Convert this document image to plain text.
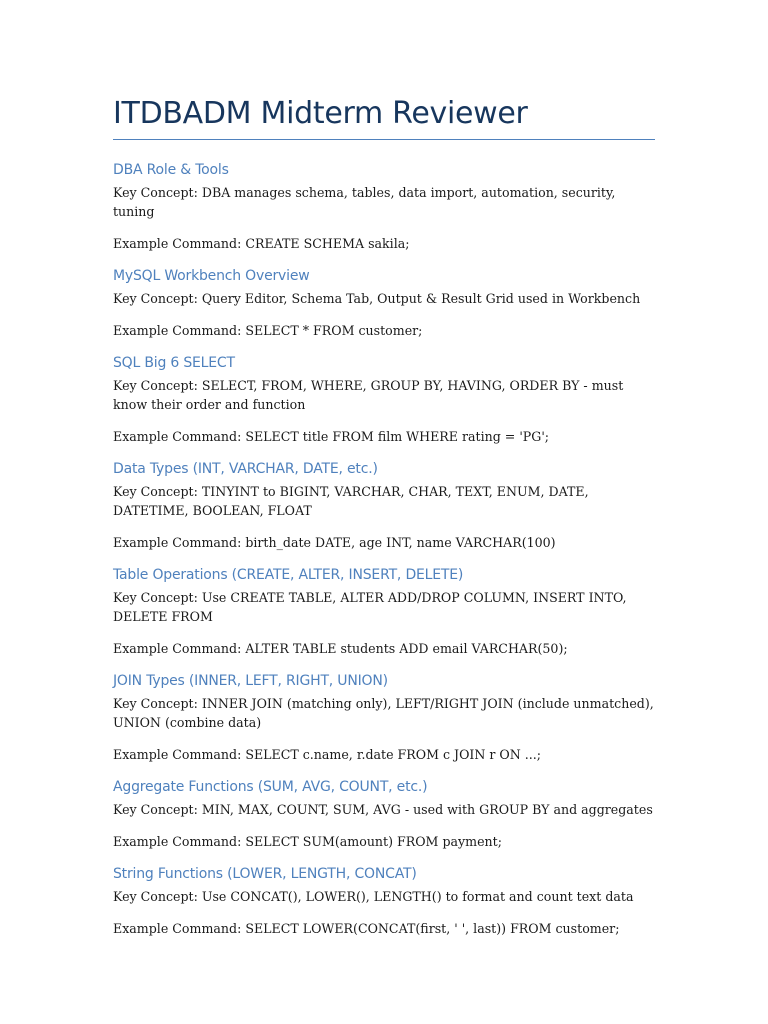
ITDBADM Midterm Reviewer
DBA Role & Tools

Key Concept: DBA manages schema, tables, data import, automation, security, tuning

Example Command: CREATE SCHEMA sakila;

MySQL Workbench Overview

Key Concept: Query Editor, Schema Tab, Output & Result Grid used in Workbench

Example Command: SELECT * FROM customer;

SQL Big 6 SELECT

Key Concept: SELECT, FROM, WHERE, GROUP BY, HAVING, ORDER BY - must know their order and function

Example Command: SELECT title FROM film WHERE rating = 'PG';

Data Types (INT, VARCHAR, DATE, etc.)

Key Concept: TINYINT to BIGINT, VARCHAR, CHAR, TEXT, ENUM, DATE, DATETIME, BOOLEAN, FLOAT

Example Command: birth_date DATE, age INT, name VARCHAR(100)

Table Operations (CREATE, ALTER, INSERT, DELETE)

Key Concept: Use CREATE TABLE, ALTER ADD/DROP COLUMN, INSERT INTO, DELETE FROM

Example Command: ALTER TABLE students ADD email VARCHAR(50);

JOIN Types (INNER, LEFT, RIGHT, UNION)

Key Concept: INNER JOIN (matching only), LEFT/RIGHT JOIN (include unmatched), UNION (combine data)

Example Command: SELECT c.name, r.date FROM c JOIN r ON ...;

Aggregate Functions (SUM, AVG, COUNT, etc.)

Key Concept: MIN, MAX, COUNT, SUM, AVG - used with GROUP BY and aggregates

Example Command: SELECT SUM(amount) FROM payment;

String Functions (LOWER, LENGTH, CONCAT)

Key Concept: Use CONCAT(), LOWER(), LENGTH() to format and count text data

Example Command: SELECT LOWER(CONCAT(first, ' ', last)) FROM customer;
